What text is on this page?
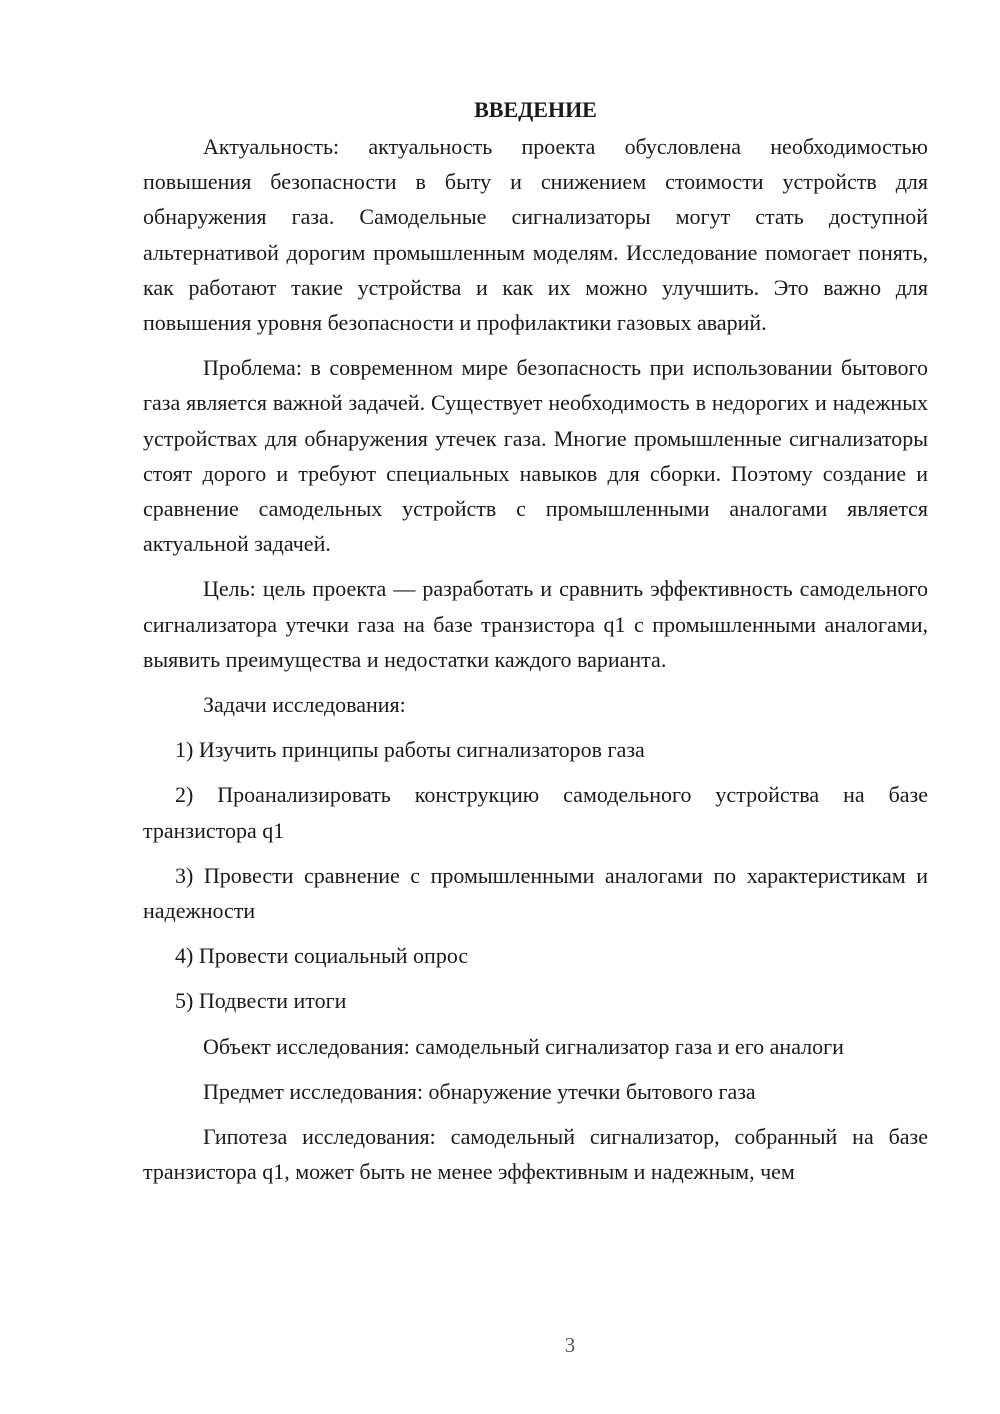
ВВЕДЕНИЕ

Актуальность: актуальность проекта обусловлена необходимостью повышения безопасности в быту и снижением стоимости устройств для обнаружения газа. Самодельные сигнализаторы могут стать доступной альтернативой дорогим промышленным моделям. Исследование помогает понять, как работают такие устройства и как их можно улучшить. Это важно для повышения уровня безопасности и профилактики газовых аварий.

Проблема: в современном мире безопасность при использовании бытового газа является важной задачей. Существует необходимость в недорогих и надежных устройствах для обнаружения утечек газа. Многие промышленные сигнализаторы стоят дорого и требуют специальных навыков для сборки. Поэтому создание и сравнение самодельных устройств с промышленными аналогами является актуальной задачей.

Цель: цель проекта — разработать и сравнить эффективность самодельного сигнализатора утечки газа на базе транзистора q1 с промышленными аналогами, выявить преимущества и недостатки каждого варианта.

Задачи исследования:

1) Изучить принципы работы сигнализаторов газа

2) Проанализировать конструкцию самодельного устройства на базе транзистора q1

3) Провести сравнение с промышленными аналогами по характеристикам и надежности

4) Провести социальный опрос

5) Подвести итоги

Объект исследования: самодельный сигнализатор газа и его аналоги

Предмет исследования: обнаружение утечки бытового газа

Гипотеза исследования: самодельный сигнализатор, собранный на базе транзистора q1, может быть не менее эффективным и надежным, чем

3
